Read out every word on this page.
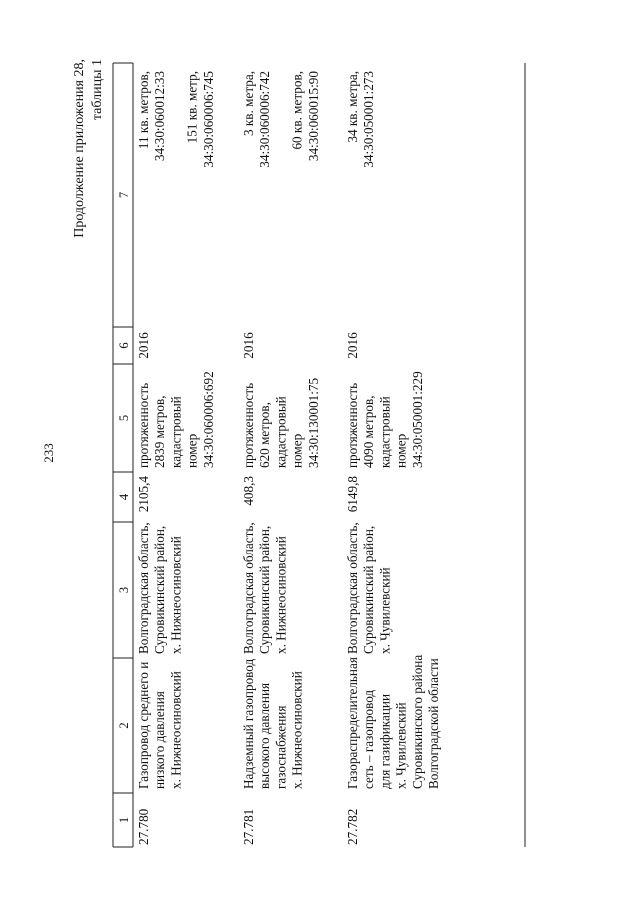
233
Продолжение приложения 28, таблицы 1
1
2
3
4
5
6
7
27.780
Газопровод среднего и низкого давления х. Нижнеосиновский
Волгоградская область, Суровикинский район, х. Нижнеосиновский
2105,4
протяженность 2839 метров, кадастровый номер 34:30:060006:692
2016
11 кв. метров, 34:30:060012:33 151 кв. метр, 34:30:060006:745
27.781
Надземный газопровод высокого давления газоснабжения х. Нижнеосиновский
Волгоградская область, Суровикинский район, х. Нижнеосиновский
408,3
протяженность 620 метров, кадастровый номер 34:30:130001:75
2016
3 кв. метра, 34:30:060006:742 60 кв. метров, 34:30:060015:90
27.782
Газораспределительная сеть – газопровод для газификации х. Чувилевский Суровикинского района Волгоградской области
Волгоградская область, Суровикинский район, х. Чувилевский
6149,8
протяженность 4090 метров, кадастровый номер 34:30:050001:229
2016
34 кв. метра, 34:30:050001:273
